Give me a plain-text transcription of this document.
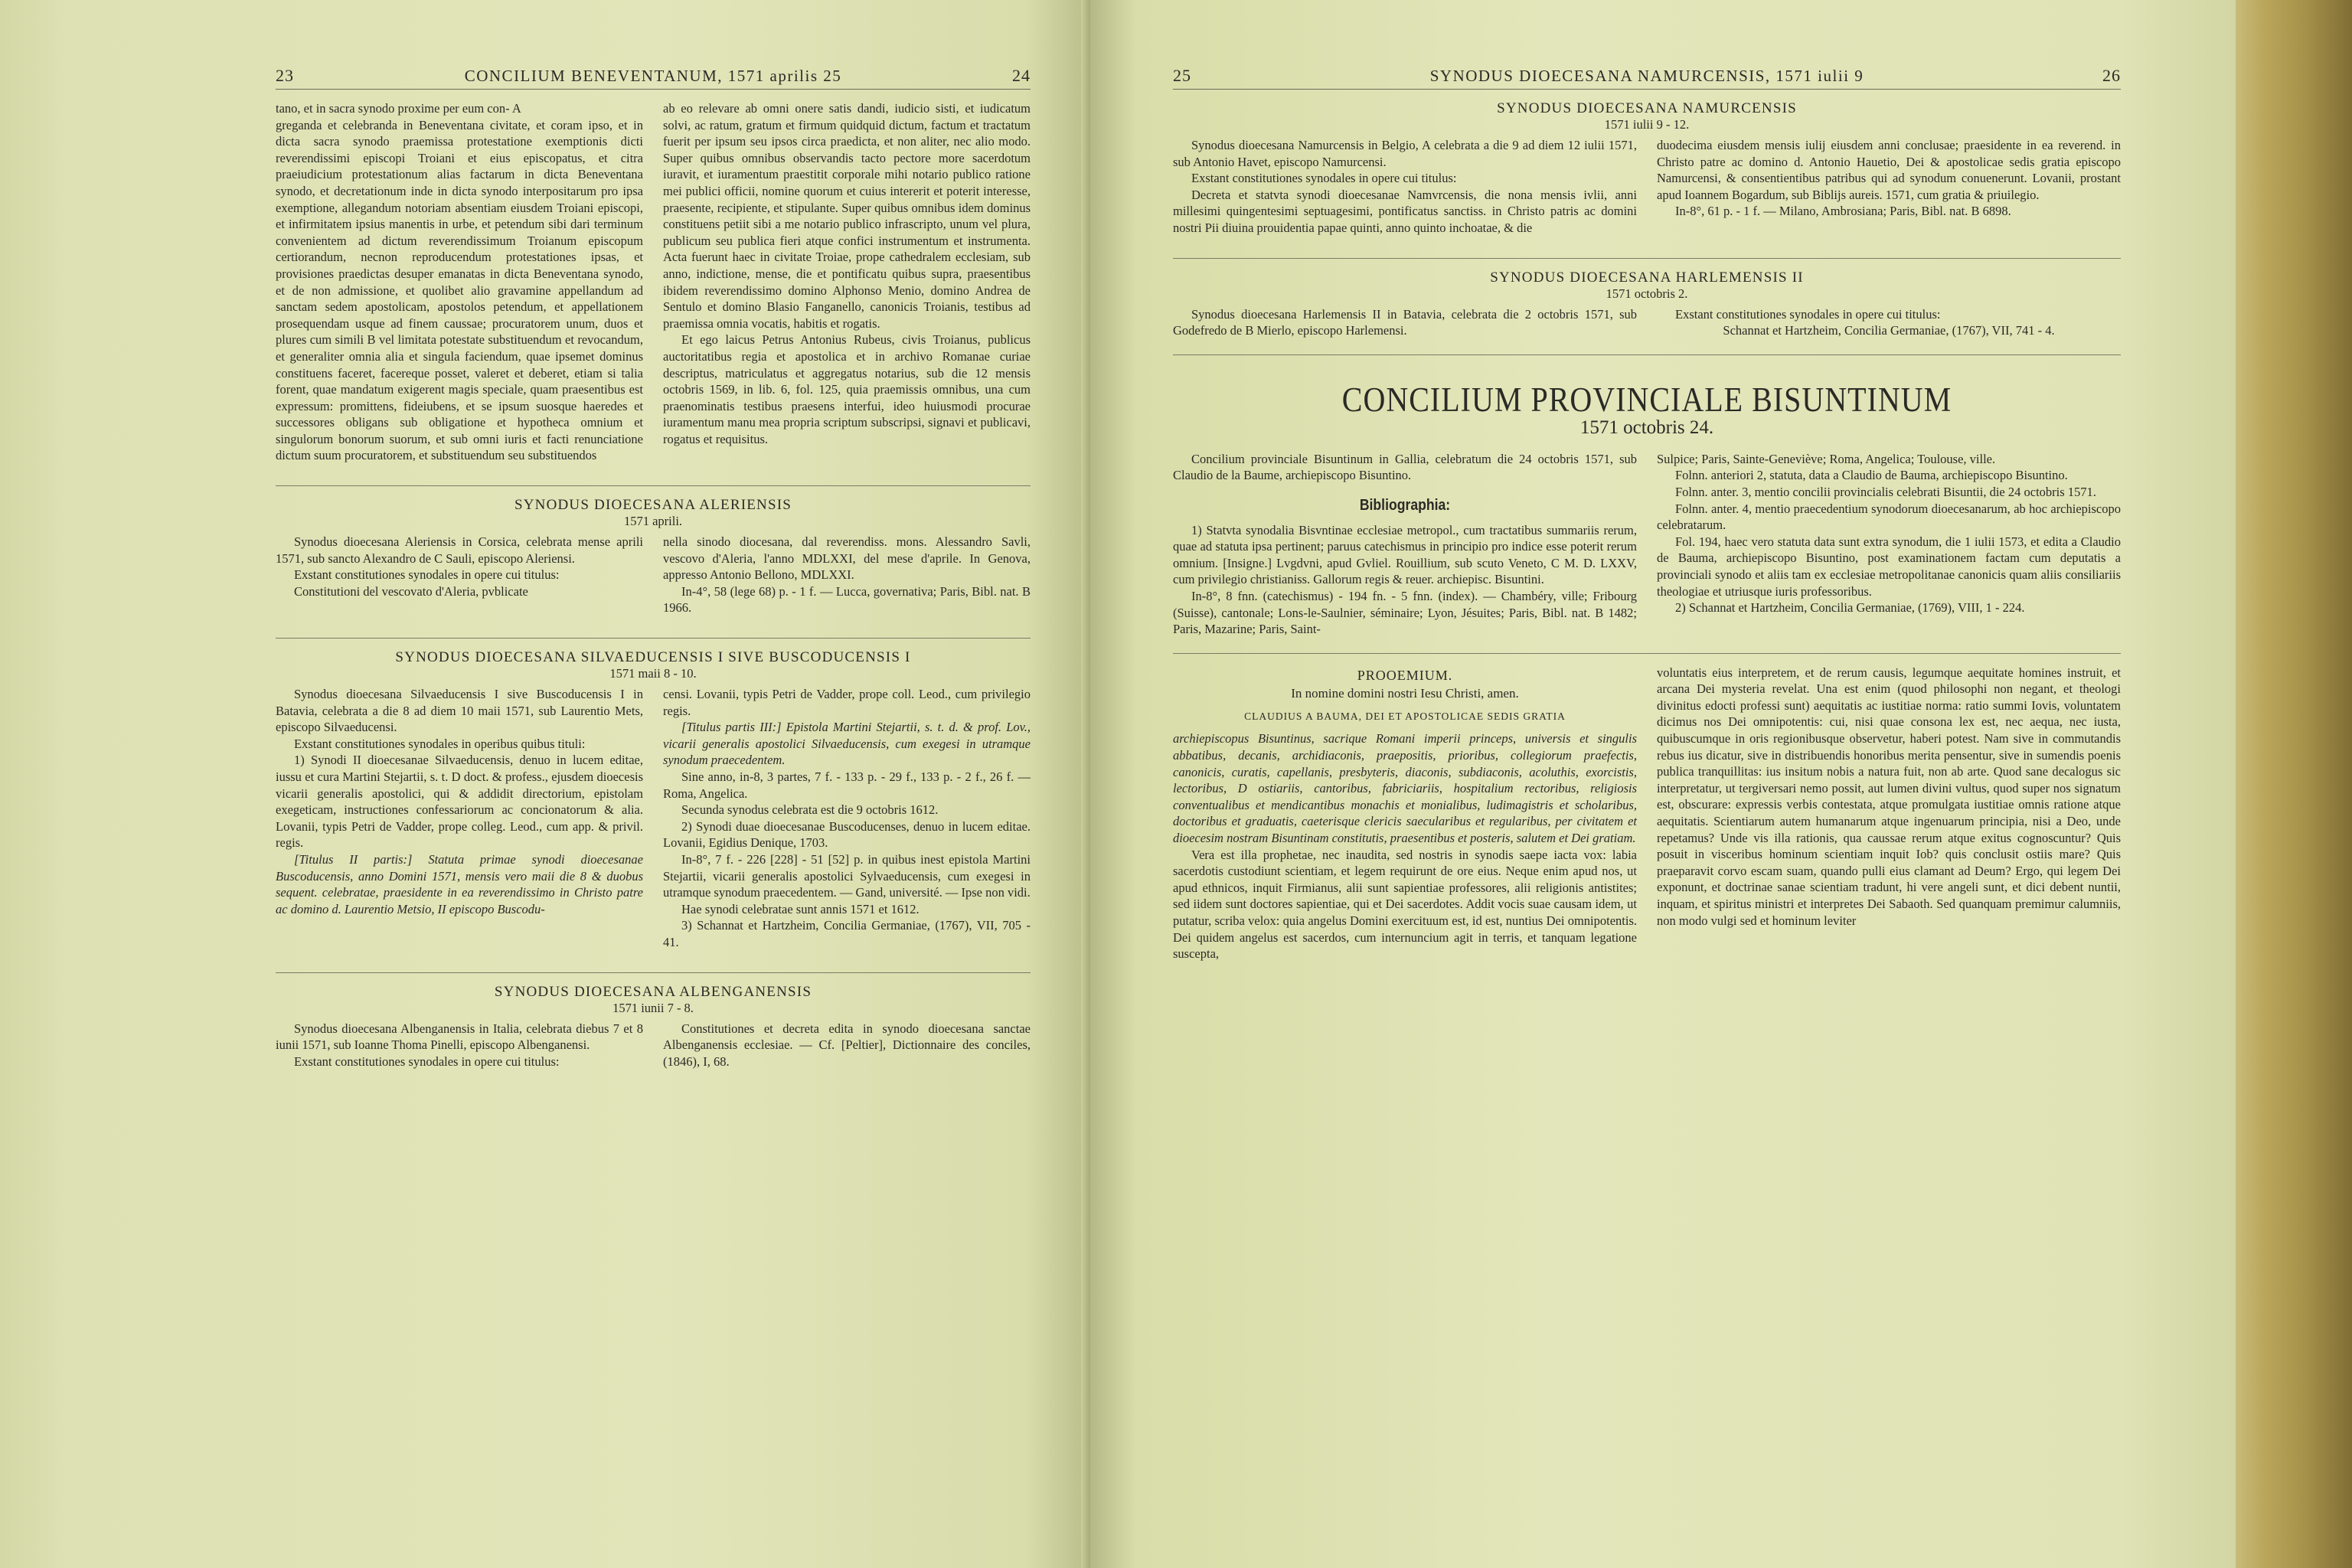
23	CONCILIUM BENEVENTANUM, 1571 aprilis 25	24

tano, et in sacra synodo proxime per eum con- A

greganda et celebranda in Beneventana civitate, et coram ipso, et in dicta sacra synodo praemissa protestatione exemptionis dicti reverendissimi episcopi Troiani et eius episcopatus, et citra praeiudicium protestationum alias factarum in dicta Beneventana synodo, et decretationum inde in dicta synodo interpositarum pro ipsa exemptione, allegandum notoriam absentiam eiusdem Troiani episcopi, et infirmitatem ipsius manentis in urbe, et petendum sibi dari terminum convenientem ad dictum reverendissimum Troianum episcopum certiorandum, necnon reproducendum protestationes ipsas, et provisiones praedictas desuper emanatas in dicta Beneventana synodo, et de non admissione, et quolibet alio gravamine appellandum ad sanctam sedem apostolicam, apostolos petendum, et appellationem prosequendam usque ad finem caussae; procuratorem unum, duos et plures cum simili B vel limitata potestate substituendum et revocandum, et generaliter omnia alia et singula faciendum, quae ipsemet dominus constituens faceret, facereque posset, valeret et deberet, etiam si talia forent, quae mandatum exigerent magis speciale, quam praesentibus est expressum: promittens, fideiubens, et se ipsum suosque haeredes et successores obligans sub obligatione et hypotheca omnium et singulorum bonorum suorum, et sub omni iuris et facti renunciatione dictum suum procuratorem, et substituendum seu substituendos

ab eo relevare ab omni onere satis dandi, iudicio sisti, et iudicatum solvi, ac ratum, gratum et firmum quidquid dictum, factum et tractatum fuerit per ipsum seu ipsos circa praedicta, et non aliter, nec alio modo. Super quibus omnibus observandis tacto pectore more sacerdotum iuravit, et iuramentum praestitit corporale mihi notario publico ratione mei publici officii, nomine quorum et cuius intererit et poterit interesse, praesente, recipiente, et stipulante. Super quibus omnibus idem dominus constituens petiit sibi a me notario publico infrascripto, unum vel plura, publicum seu publica fieri atque confici instrumentum et instrumenta. Acta fuerunt haec in civitate Troiae, prope cathedralem ecclesiam, sub anno, indictione, mense, die et pontificatu quibus supra, praesentibus ibidem reverendissimo domino Alphonso Menio, domino Andrea de Sentulo et domino Blasio Fanganello, canonicis Troianis, testibus ad praemissa omnia vocatis, habitis et rogatis.

Et ego laicus Petrus Antonius Rubeus, civis Troianus, publicus auctoritatibus regia et apostolica et in archivo Romanae curiae descriptus, matriculatus et aggregatus notarius, sub die 12 mensis octobris 1569, in lib. 6, fol. 125, quia praemissis omnibus, una cum praenominatis testibus praesens interfui, ideo huiusmodi procurae iuramentum manu mea propria scriptum subscripsi, signavi et publicavi, rogatus et requisitus.

SYNODUS DIOECESANA ALERIENSIS
1571 aprili.

Synodus dioecesana Aleriensis in Corsica, celebrata mense aprili 1571, sub sancto Alexandro de C Sauli, episcopo Aleriensi.

Exstant constitutiones synodales in opere cui titulus:

Constitutioni del vescovato d'Aleria, pvblicate

nella sinodo diocesana, dal reverendiss. mons. Alessandro Savli, vescovo d'Aleria, l'anno MDLXXI, del mese d'aprile. In Genova, appresso Antonio Bellono, MDLXXI.

In-4°, 58 (lege 68) p. - 1 f. — Lucca, governativa; Paris, Bibl. nat. B 1966.

SYNODUS DIOECESANA SILVAEDUCENSIS I SIVE BUSCODUCENSIS I
1571 maii 8 - 10.

Synodus dioecesana Silvaeducensis I sive Buscoducensis I in Batavia, celebrata a die 8 ad diem 10 maii 1571, sub Laurentio Mets, episcopo Silvaeducensi.

Exstant constitutiones synodales in operibus quibus tituli:

1) Synodi II dioecesanae Silvaeducensis, denuo in lucem editae, iussu et cura Martini Stejartii, s. t. D doct. & profess., ejusdem dioecesis vicarii generalis apostolici, qui & addidit directorium, epistolam exegeticam, instructiones confessariorum ac concionatorum & alia. Lovanii, typis Petri de Vadder, prope colleg. Leod., cum app. & privil. regis.

[Titulus II partis:] Statuta primae synodi dioecesanae Buscoducensis, anno Domini 1571, mensis vero maii die 8 & duobus sequent. celebratae, praesidente in ea reverendissimo in Christo patre ac domino d. Laurentio Metsio, II episcopo Buscodu-

censi. Lovanii, typis Petri de Vadder, prope coll. Leod., cum privilegio regis.

[Titulus partis III:] Epistola Martini Stejartii, s. t. d. & prof. Lov., vicarii generalis apostolici Silvaeducensis, cum exegesi in utramque synodum praecedentem.

Sine anno, in-8, 3 partes, 7 f. - 133 p. - 29 f., 133 p. - 2 f., 26 f. — Roma, Angelica.

Secunda synodus celebrata est die 9 octobris 1612.

2) Synodi duae dioecesanae Buscoducenses, denuo in lucem editae. Lovanii, Egidius Denique, 1703.

In-8°, 7 f. - 226 [228] - 51 [52] p. in quibus inest epistola Martini Stejartii, vicarii generalis apostolici Sylvaeducensis, cum exegesi in utramque synodum praecedentem. — Gand, université. — Ipse non vidi.

Hae synodi celebratae sunt annis 1571 et 1612.

3) Schannat et Hartzheim, Concilia Germaniae, (1767), VII, 705 - 41.

SYNODUS DIOECESANA ALBENGANENSIS
1571 iunii 7 - 8.

Synodus dioecesana Albenganensis in Italia, celebrata diebus 7 et 8 iunii 1571, sub Ioanne Thoma Pinelli, episcopo Albenganensi.

Exstant constitutiones synodales in opere cui titulus:

Constitutiones et decreta edita in synodo dioecesana sanctae Albenganensis ecclesiae. — Cf. [Peltier], Dictionnaire des conciles, (1846), I, 68.

25	SYNODUS DIOECESANA NAMURCENSIS, 1571 iulii 9	26
SYNODUS DIOECESANA NAMURCENSIS
1571 iulii 9 - 12.

Synodus dioecesana Namurcensis in Belgio, A celebrata a die 9 ad diem 12 iulii 1571, sub Antonio Havet, episcopo Namurcensi.

Exstant constitutiones synodales in opere cui titulus:

Decreta et statvta synodi dioecesanae Namvrcensis, die nona mensis ivlii, anni millesimi quingentesimi septuagesimi, pontificatus sanctiss. in Christo patris ac domini nostri Pii diuina prouidentia papae quinti, anno quinto inchoatae, & die

duodecima eiusdem mensis iulij eiusdem anni conclusae; praesidente in ea reverend. in Christo patre ac domino d. Antonio Hauetio, Dei & apostolicae sedis gratia episcopo Namurcensi, & consentientibus patribus qui ad synodum conuenerunt. Lovanii, prostant apud Ioannem Bogardum, sub Biblijs aureis. 1571, cum gratia & priuilegio.

In-8°, 61 p. - 1 f. — Milano, Ambrosiana; Paris, Bibl. nat. B 6898.

SYNODUS DIOECESANA HARLEMENSIS II
1571 octobris 2.

Synodus dioecesana Harlemensis II in Batavia, celebrata die 2 octobris 1571, sub Godefredo de B Mierlo, episcopo Harlemensi.

Exstant constitutiones synodales in opere cui titulus:

Schannat et Hartzheim, Concilia Germaniae, (1767), VII, 741 - 4.

CONCILIUM PROVINCIALE BISUNTINUM
1571 octobris 24.

Concilium provinciale Bisuntinum in Gallia, celebratum die 24 octobris 1571, sub Claudio de la Baume, archiepiscopo Bisuntino.

Bibliographia:

1) Statvta synodalia Bisvntinae ecclesiae metropol., cum tractatibus summariis rerum, quae ad statuta ipsa pertinent; paruus catechismus in principio pro indice esse poterit rerum omnium. [Insigne.] Lvgdvni, apud Gvliel. Rouillium, sub scuto Veneto, C M. D. LXXV, cum privilegio christianiss. Gallorum regis & reuer. archiepisc. Bisuntini.

In-8°, 8 fnn. (catechismus) - 194 fn. - 5 fnn. (index). — Chambéry, ville; Fribourg (Suisse), cantonale; Lons-le-Saulnier, séminaire; Lyon, Jésuites; Paris, Bibl. nat. B 1482; Paris, Mazarine; Paris, Saint-

Sulpice; Paris, Sainte-Geneviève; Roma, Angelica; Toulouse, ville.

Folnn. anteriori 2, statuta, data a Claudio de Bauma, archiepiscopo Bisuntino.

Folnn. anter. 3, mentio concilii provincialis celebrati Bisuntii, die 24 octobris 1571.

Folnn. anter. 4, mentio praecedentium synodorum dioecesanarum, ab hoc archiepiscopo celebratarum.

Fol. 194, haec vero statuta data sunt extra synodum, die 1 iulii 1573, et edita a Claudio de Bauma, archiepiscopo Bisuntino, post examinationem factam cum deputatis a provinciali synodo et aliis tam ex ecclesiae metropolitanae canonicis quam aliis consiliariis theologiae et utriusque iuris professoribus.

2) Schannat et Hartzheim, Concilia Germaniae, (1769), VIII, 1 - 224.

PROOEMIUM.
In nomine domini nostri Iesu Christi, amen.
CLAUDIUS A BAUMA, DEI ET APOSTOLICAE SEDIS GRATIA

archiepiscopus Bisuntinus, sacrique Romani imperii princeps, universis et singulis abbatibus, decanis, archidiaconis, praepositis, prioribus, collegiorum praefectis, canonicis, curatis, capellanis, presbyteris, diaconis, subdiaconis, acoluthis, exorcistis, lectoribus, D ostiariis, cantoribus, fabriciariis, hospitalium rectoribus, religiosis conventualibus et mendicantibus monachis et monialibus, ludimagistris et scholaribus, doctoribus et graduatis, caeterisque clericis saecularibus et regularibus, per civitatem et dioecesim nostram Bisuntinam constitutis, praesentibus et posteris, salutem et Dei gratiam.

Vera est illa prophetae, nec inaudita, sed nostris in synodis saepe iacta vox: labia sacerdotis custodiunt scientiam, et legem requirunt de ore eius. Neque enim apud nos, ut apud ethnicos, inquit Firmianus, alii sunt sapientiae professores, alii religionis antistites; sed iidem sunt doctores sapientiae, qui et Dei sacerdotes. Addit vocis suae causam idem, ut putatur, scriba velox: quia angelus Domini exercituum est, id est, nuntius Dei omnipotentis. Dei quidem angelus est sacerdos, cum internuncium agit in terris, et tanquam legatione suscepta,

voluntatis eius interpretem, et de rerum causis, legumque aequitate homines instruit, et arcana Dei mysteria revelat. Una est enim (quod philosophi non negant, et theologi divinitus edocti professi sunt) aequitatis ac iustitiae norma: ratio summi Iovis, voluntatem dicimus nos Dei omnipotentis: cui, nisi quae consona lex est, nec aequa, nec iusta, quibuscumque in oris regionibusque observetur, haberi potest. Nam sive in commutandis rebus ius dicatur, sive in distribuendis honoribus merita pensentur, sive in sumendis poenis publica tranquillitas: ius insitum nobis a natura fuit, non ab arte. Quod sane decalogus sic interpretatur, ut tergiversari nemo possit, aut lumen divini vultus, quod super nos signatum est, obscurare: expressis verbis contestata, atque promulgata iustitiae omnis ratione atque aequitatis. Scientiarum autem humanarum atque ingenuarum principia, nisi a Deo, unde repetamus? Unde vis illa rationis, qua caussae rerum atque exitus cognoscuntur? Quis posuit in visceribus hominum scientiam inquit Iob? quis conclusit ostiis mare? Quis praeparavit corvo escam suam, quando pulli eius clamant ad Deum? Ergo, qui legem Dei exponunt, et doctrinae sanae scientiam tradunt, hi vere angeli sunt, et dici debent nuntii, inquam, et spiritus ministri et interpretes Dei Sabaoth. Sed quanquam premimur calumniis, non modo vulgi sed et hominum leviter
